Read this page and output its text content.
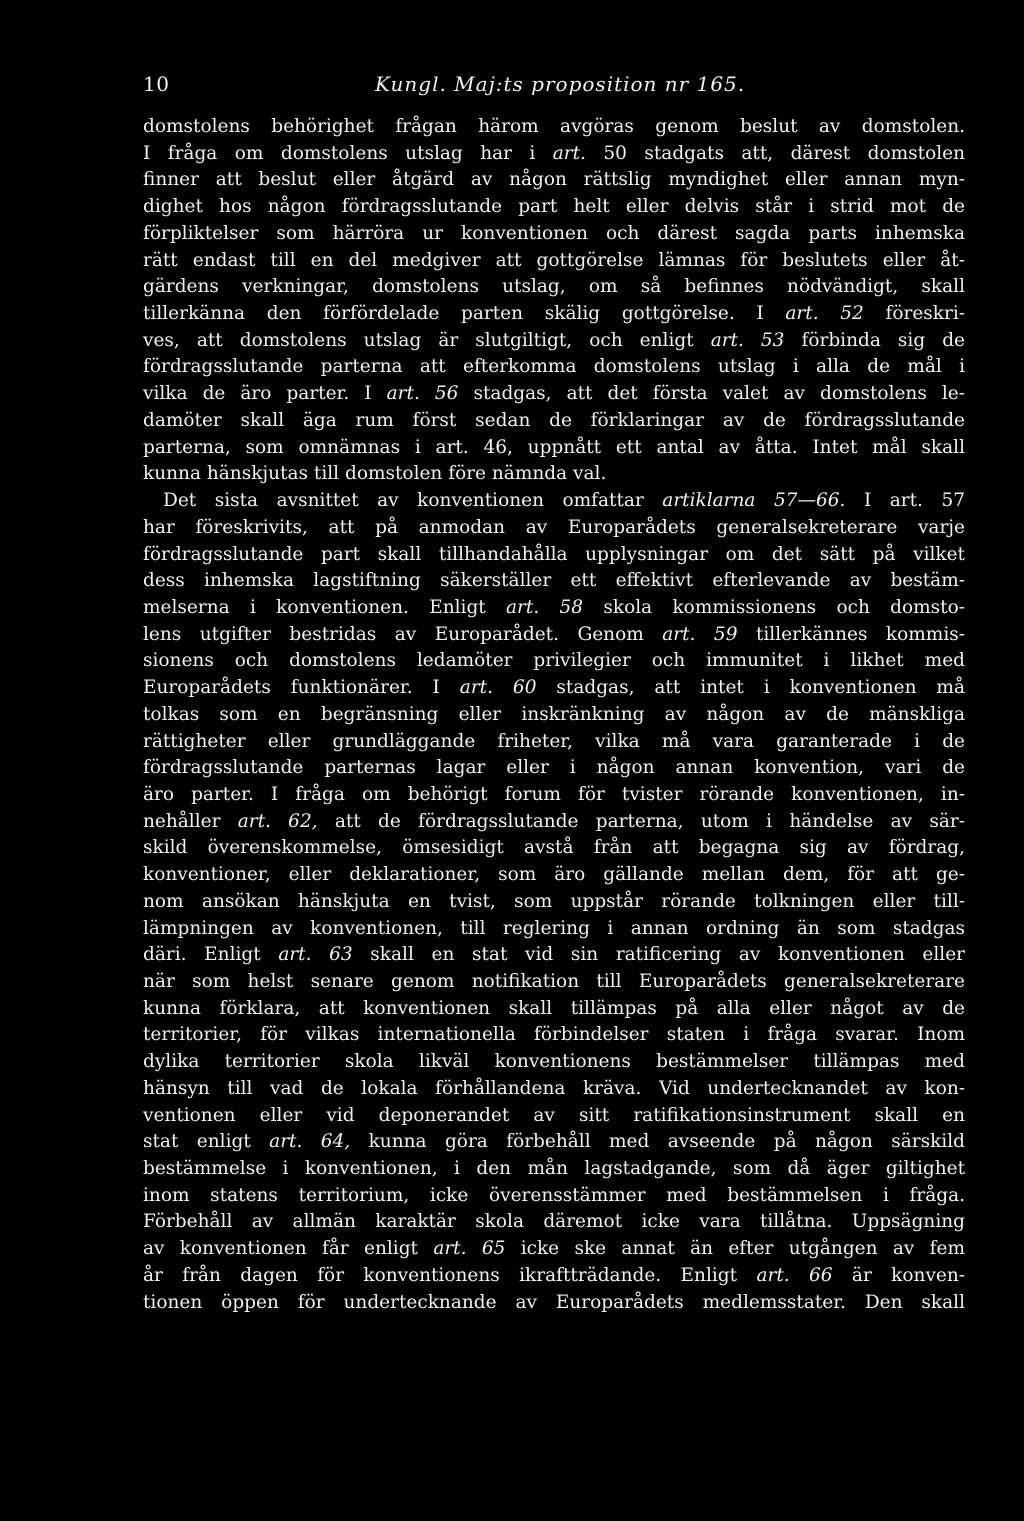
10	Kungl. Maj:ts proposition nr 165.
domstolens behörighet frågan härom avgöras genom beslut av domstolen.
I fråga om domstolens utslag har i art. 50 stadgats att, därest domstolen
finner att beslut eller åtgärd av någon rättslig myndighet eller annan myn-
dighet hos någon fördragsslutande part helt eller delvis står i strid mot de
förpliktelser som härröra ur konventionen och därest sagda parts inhemska
rätt endast till en del medgiver att gottgörelse lämnas för beslutets eller åt-
gärdens verkningar, domstolens utslag, om så befinnes nödvändigt, skall
tillerkänna den förfördelade parten skälig gottgörelse. I art. 52 föreskri-
ves, att domstolens utslag är slutgiltigt, och enligt art. 53 förbinda sig de
fördragsslutande parterna att efterkomma domstolens utslag i alla de mål i
vilka de äro parter. I art. 56 stadgas, att det första valet av domstolens le-
damöter skall äga rum först sedan de förklaringar av de fördragsslutande
parterna, som omnämnas i art. 46, uppnått ett antal av åtta. Intet mål skall
kunna hänskjutas till domstolen före nämnda val.
Det sista avsnittet av konventionen omfattar artiklarna 57—66. I art. 57
har föreskrivits, att på anmodan av Europarådets generalsekreterare varje
fördragsslutande part skall tillhandahålla upplysningar om det sätt på vilket
dess inhemska lagstiftning säkerställer ett effektivt efterlevande av bestäm-
melserna i konventionen. Enligt art. 58 skola kommissionens och domsto-
lens utgifter bestridas av Europarådet. Genom art. 59 tillerkännes kommis-
sionens och domstolens ledamöter privilegier och immunitet i likhet med
Europarådets funktionärer. I art. 60 stadgas, att intet i konventionen må
tolkas som en begränsning eller inskränkning av någon av de mänskliga
rättigheter eller grundläggande friheter, vilka må vara garanterade i de
fördragsslutande parternas lagar eller i någon annan konvention, vari de
äro parter. I fråga om behörigt forum för tvister rörande konventionen, in-
nehåller art. 62, att de fördragsslutande parterna, utom i händelse av sär-
skild överenskommelse, ömsesidigt avstå från att begagna sig av fördrag,
konventioner, eller deklarationer, som äro gällande mellan dem, för att ge-
nom ansökan hänskjuta en tvist, som uppstår rörande tolkningen eller till-
lämpningen av konventionen, till reglering i annan ordning än som stadgas
däri. Enligt art. 63 skall en stat vid sin ratificering av konventionen eller
när som helst senare genom notifikation till Europarådets generalsekreterare
kunna förklara, att konventionen skall tillämpas på alla eller något av de
territorier, för vilkas internationella förbindelser staten i fråga svarar. Inom
dylika territorier skola likväl konventionens bestämmelser tillämpas med
hänsyn till vad de lokala förhållandena kräva. Vid undertecknandet av kon-
ventionen eller vid deponerandet av sitt ratifikationsinstrument skall en
stat enligt art. 64, kunna göra förbehåll med avseende på någon särskild
bestämmelse i konventionen, i den mån lagstadgande, som då äger giltighet
inom statens territorium, icke överensstämmer med bestämmelsen i fråga.
Förbehåll av allmän karaktär skola däremot icke vara tillåtna. Uppsägning
av konventionen får enligt art. 65 icke ske annat än efter utgången av fem
år från dagen för konventionens ikraftträdande. Enligt art. 66 är konven-
tionen öppen för undertecknande av Europarådets medlemsstater. Den skall
